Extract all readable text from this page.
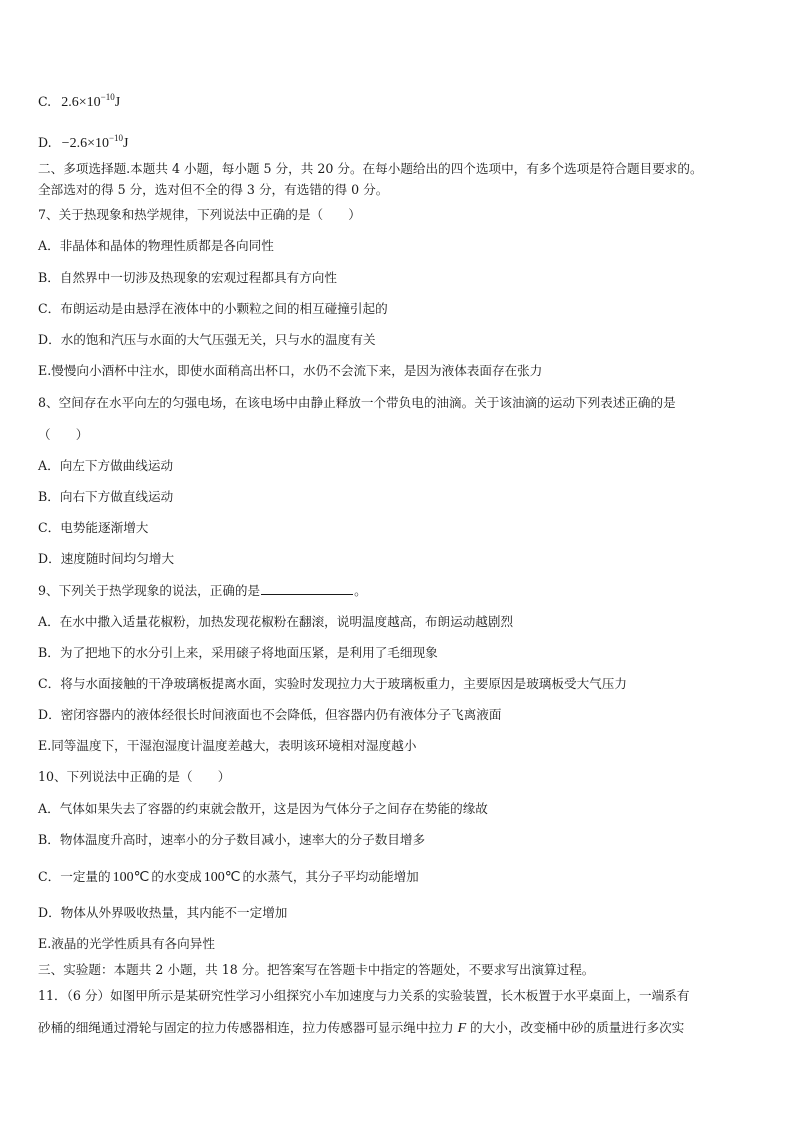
C. $2.6\times 10^{-10}J$
D. $-2.6\times 10^{-10}J$
二、多项选择题.本题共 4 小题，每小题 5 分，共 20 分。在每小题给出的四个选项中，有多个选项是符合题目要求的。
全部选对的得 5 分，选对但不全的得 3 分，有选错的得 0 分。
7、关于热现象和热学规律，下列说法中正确的是（　　）
A．非晶体和晶体的物理性质都是各向同性
B．自然界中一切涉及热现象的宏观过程都具有方向性
C．布朗运动是由悬浮在液体中的小颗粒之间的相互碰撞引起的
D．水的饱和汽压与水面的大气压强无关，只与水的温度有关
E.慢慢向小酒杯中注水，即使水面稍高出杯口，水仍不会流下来，是因为液体表面存在张力
8、空间存在水平向左的匀强电场，在该电场中由静止释放一个带负电的油滴。关于该油滴的运动下列表述正确的是
（　　）
A．向左下方做曲线运动
B．向右下方做直线运动
C．电势能逐渐增大
D．速度随时间均匀增大
9、下列关于热学现象的说法，正确的是	。
A．在水中撒入适量花椒粉，加热发现花椒粉在翻滚，说明温度越高，布朗运动越剧烈
B．为了把地下的水分引上来，采用磙子将地面压紧，是利用了毛细现象
C．将与水面接触的干净玻璃板提离水面，实验时发现拉力大于玻璃板重力，主要原因是玻璃板受大气压力
D．密闭容器内的液体经很长时间液面也不会降低，但容器内仍有液体分子飞离液面
E.同等温度下，干湿泡湿度计温度差越大，表明该环境相对湿度越小
10、下列说法中正确的是（　　）
A．气体如果失去了容器的约束就会散开，这是因为气体分子之间存在势能的缘故
B．物体温度升高时，速率小的分子数目减小，速率大的分子数目增多
C．一定量的 100℃ 的水变成 100℃ 的水蒸气，其分子平均动能增加
D．物体从外界吸收热量，其内能不一定增加
E.液晶的光学性质具有各向异性
三、实验题：本题共 2 小题，共 18 分。把答案写在答题卡中指定的答题处，不要求写出演算过程。
11．（6 分）如图甲所示是某研究性学习小组探究小车加速度与力关系的实验装置，长木板置于水平桌面上，一端系有
砂桶的细绳通过滑轮与固定的拉力传感器相连，拉力传感器可显示绳中拉力 F 的大小，改变桶中砂的质量进行多次实
